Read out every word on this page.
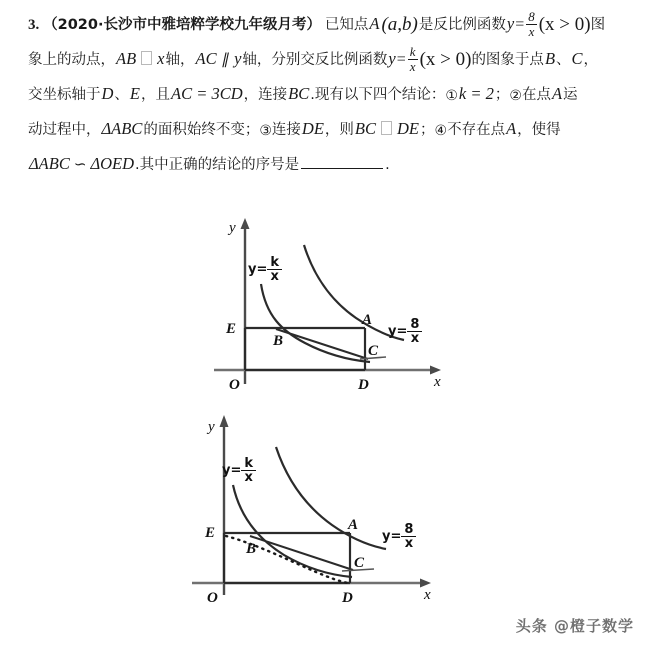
3. （2020·长沙市中雅培粹学校九年级月考） 已知点A (a,b)是反比例函数$y= \frac{8}{x} (x > 0)$图
象上的动点，AB x轴，AC ∥ y轴，分别交反比例函数$y= \frac{k}{x} (x > 0)$的图象于点B、C，
交坐标轴于D、E，且AC = 3CD，连接BC.现有以下四个结论：①k = 2；②在点A运
动过程中，ΔABC的面积始终不变；③连接DE，则BC DE；④不存在点A，使得
ΔABC ∽ ΔOED.其中正确的结论的序号是	.
y
x
O
E
B
A
C
D
$y= \frac{k}{x}$
$y= \frac{8}{x}$
y
x
O
E
B
A
C
D
$y= \frac{k}{x}$
$y= \frac{8}{x}$
头条 @橙子数学
